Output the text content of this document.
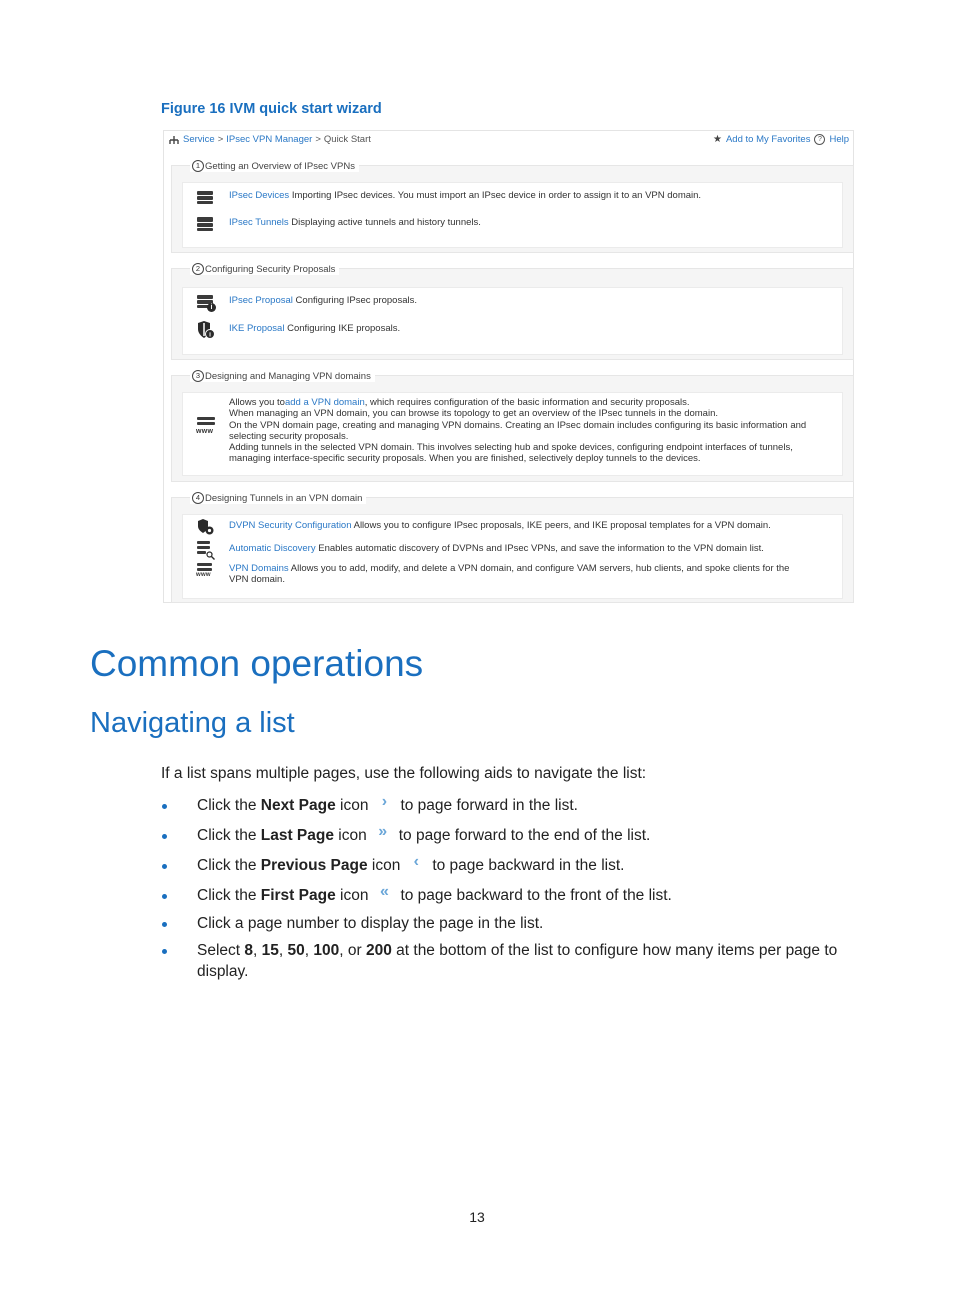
Figure 16 IVM quick start wizard
Service > IPsec VPN Manager > Quick Start	★ Add to My Favorites	? Help
1 Getting an Overview of IPsec VPNs
IPsec Devices Importing IPsec devices. You must import an IPsec device in order to assign it to an VPN domain.
IPsec Tunnels Displaying active tunnels and history tunnels.
2 Configuring Security Proposals
i
IPsec Proposal Configuring IPsec proposals.
i
IKE Proposal Configuring IKE proposals.
3 Designing and Managing VPN domains
www
Allows you toadd a VPN domain, which requires configuration of the basic information and security proposals.
When managing an VPN domain, you can browse its topology to get an overview of the IPsec tunnels in the domain.
On the VPN domain page, creating and managing VPN domains. Creating an IPsec domain includes configuring its basic information and
selecting security proposals.
Adding tunnels in the selected VPN domain. This involves selecting hub and spoke devices, configuring endpoint interfaces of tunnels,
managing interface-specific security proposals. When you are finished, selectively deploy tunnels to the devices.
4 Designing Tunnels in an VPN domain
DVPN Security Configuration Allows you to configure IPsec proposals, IKE peers, and IKE proposal templates for a VPN domain.
Automatic Discovery Enables automatic discovery of DVPNs and IPsec VPNs, and save the information to the VPN domain list.
www
VPN Domains Allows you to add, modify, and delete a VPN domain, and configure VAM servers, hub clients, and spoke clients for the
VPN domain.
Common operations
Navigating a list
If a list spans multiple pages, use the following aids to navigate the list:
Click the
Next Page
icon › to page forward in the list.
Click the
Last Page
icon » to page forward to the end of the list.
Click the
Previous Page
icon ‹ to page backward in the list.
Click the
First Page
icon « to page backward to the front of the list.
Click a page number to display the page in the list.
Select 8, 15, 50, 100, or 200 at the bottom of the list to configure how many items per page to
display.
13
